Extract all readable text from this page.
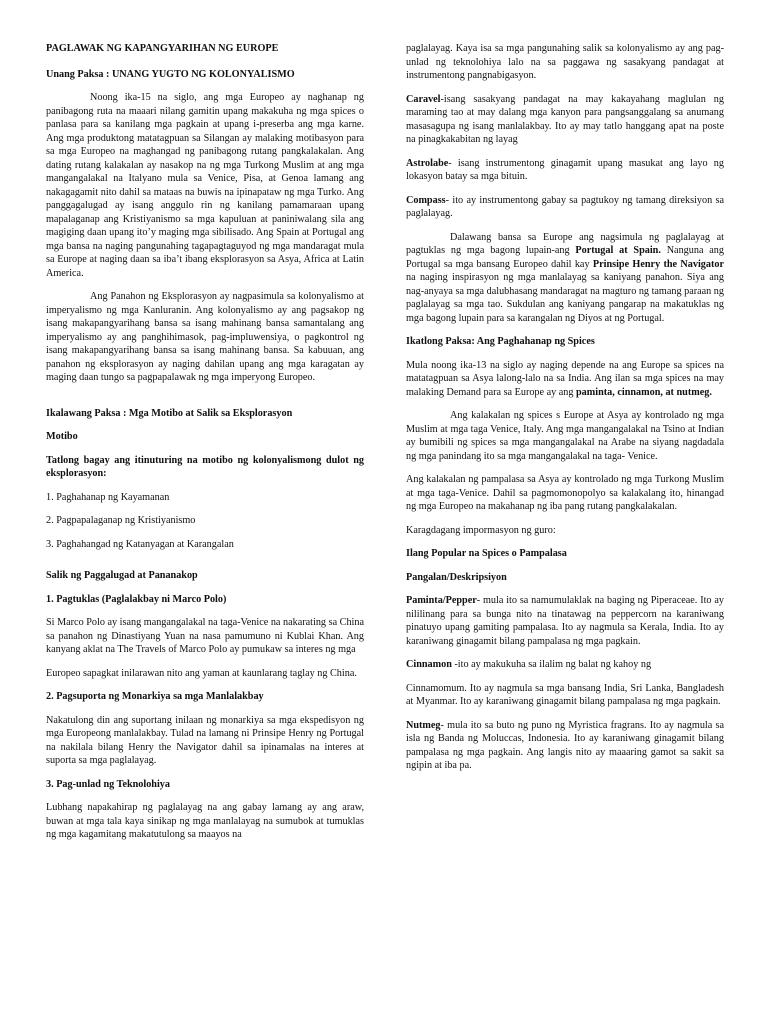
PAGLAWAK NG KAPANGYARIHAN NG EUROPE

Unang Paksa : UNANG YUGTO NG KOLONYALISMO

Noong ika-15 na siglo, ang mga Europeo ay naghanap ng panibagong ruta na maaari nilang gamitin upang makakuha ng mga spices o panlasa para sa kanilang mga pagkain at upang i-preserba ang mga karne. Ang mga produktong matatagpuan sa Silangan ay malaking motibasyon para sa mga Europeo na maghangad ng panibagong rutang pangkalakalan. Ang dating rutang kalakalan ay nasakop na ng mga Turkong Muslim at ang mga mangangalakal na Italyano mula sa Venice, Pisa, at Genoa lamang ang nakagagamit nito dahil sa mataas na buwis na ipinapataw ng mga Turko. Ang panggagalugad ay isang anggulo rin ng kanilang pamamaraan upang mapalaganap ang Kristiyanismo sa mga kapuluan at paniniwalang sila ang magiging daan upang ito’y maging mga sibilisado. Ang Spain at Portugal ang mga bansa na naging pangunahing tagapagtaguyod ng mga mandaragat mula sa Europe at naging daan sa iba’t ibang eksplorasyon sa Asya, Africa at Latin America.

Ang Panahon ng Eksplorasyon ay nagpasimula sa kolonyalismo at imperyalismo ng mga Kanluranin. Ang kolonyalismo ay ang pagsakop ng isang makapangyarihang bansa sa isang mahinang bansa samantalang ang imperyalismo ay ang panghihimasok, pag-impluwensiya, o pagkontrol ng isang makapangyarihang bansa sa isang mahinang bansa. Sa kabuuan, ang panahon ng eksplorasyon ay naging dahilan upang ang mga karagatan ay maging daan tungo sa pagpapalawak ng mga imperyong Europeo.

Ikalawang Paksa : Mga Motibo at Salik sa Eksplorasyon

Motibo

Tatlong bagay ang itinuturing na motibo ng kolonyalismong dulot ng eksplorasyon:

1. Paghahanap ng Kayamanan

2. Pagpapalaganap ng Kristiyanismo

3. Paghahangad ng Katanyagan at Karangalan

Salik ng Paggalugad at Pananakop

1. Pagtuklas (Paglalakbay ni Marco Polo)

Si Marco Polo ay isang mangangalakal na taga-Venice na nakarating sa China sa panahon ng Dinastiyang Yuan na nasa pamumuno ni Kublai Khan. Ang kanyang aklat na The Travels of Marco Polo ay pumukaw sa interes ng mga

Europeo sapagkat inilarawan nito ang yaman at kaunlarang taglay ng China.

2. Pagsuporta ng Monarkiya sa mga Manlalakbay

Nakatulong din ang suportang inilaan ng monarkiya sa mga ekspedisyon ng mga Europeong manlalakbay. Tulad na lamang ni Prinsipe Henry ng Portugal na nakilala bilang Henry the Navigator dahil sa ipinamalas na interes at suporta sa mga paglalayag.

3. Pag-unlad ng Teknolohiya

Lubhang napakahirap ng paglalayag na ang gabay lamang ay ang araw, buwan at mga tala kaya sinikap ng mga manlalayag na sumubok at tumuklas ng mga kagamitang makatutulong sa maayos na

paglalayag. Kaya isa sa mga pangunahing salik sa kolonyalismo ay ang pag-unlad ng teknolohiya lalo na sa paggawa ng sasakyang pandagat at instrumentong pangnabigasyon.

Caravel-isang sasakyang pandagat na may kakayahang maglulan ng maraming tao at may dalang mga kanyon para pangsanggalang sa anumang masasagupa ng isang manlalakbay. Ito ay may tatlo hanggang apat na poste na pinagkakabitan ng layag

Astrolabe- isang instrumentong ginagamit upang masukat ang layo ng lokasyon batay sa mga bituin.

Compass- ito ay instrumentong gabay sa pagtukoy ng tamang direksiyon sa paglalayag.

Dalawang bansa sa Europe ang nagsimula ng paglalayag at pagtuklas ng mga bagong lupain-ang Portugal at Spain. Nanguna ang Portugal sa mga bansang Europeo dahil kay Prinsipe Henry the Navigator na naging inspirasyon ng mga manlalayag sa kaniyang panahon. Siya ang nag-anyaya sa mga dalubhasang mandaragat na magturo ng tamang paraan ng paglalayag sa mga tao. Sukdulan ang kaniyang pangarap na makatuklas ng mga bagong lupain para sa karangalan ng Diyos at ng Portugal.

Ikatlong Paksa: Ang Paghahanap ng Spices

Mula noong ika-13 na siglo ay naging depende na ang Europe sa spices na matatagpuan sa Asya lalong-lalo na sa India. Ang ilan sa mga spices na may malaking Demand para sa Europe ay ang paminta, cinnamon, at nutmeg.

Ang kalakalan ng spices s Europe at Asya ay kontrolado ng mga Muslim at mga taga Venice, Italy. Ang mga mangangalakal na Tsino at Indian ay bumibili ng spices sa mga mangangalakal na Arabe na siyang nagdadala ng mga panindang ito sa mga mangangalakal na taga- Venice.

Ang kalakalan ng pampalasa sa Asya ay kontrolado ng mga Turkong Muslim at mga taga-Venice. Dahil sa pagmomonopolyo sa kalakalang ito, hinangad ng mga Europeo na makahanap ng iba pang rutang pangkalakalan.

Karagdagang impormasyon ng guro:

Ilang Popular na Spices o Pampalasa

Pangalan/Deskripsiyon

Paminta/Pepper- mula ito sa namumulaklak na baging ng Piperaceae. Ito ay nililinang para sa bunga nito na tinatawag na peppercorn na karaniwang pinatuyo upang gamiting pampalasa. Ito ay nagmula sa Kerala, India. Ito ay karaniwang ginagamit bilang pampalasa ng mga pagkain.

Cinnamon -ito ay makukuha sa ilalim ng balat ng kahoy ng

Cinnamomum. Ito ay nagmula sa mga bansang India, Sri Lanka, Bangladesh at Myanmar. Ito ay karaniwang ginagamit bilang pampalasa ng mga pagkain.

Nutmeg- mula ito sa buto ng puno ng Myristica fragrans. Ito ay nagmula sa isla ng Banda ng Moluccas, Indonesia. Ito ay karaniwang ginagamit bilang pampalasa ng mga pagkain. Ang langis nito ay maaaring gamot sa sakit sa ngipin at iba pa.
